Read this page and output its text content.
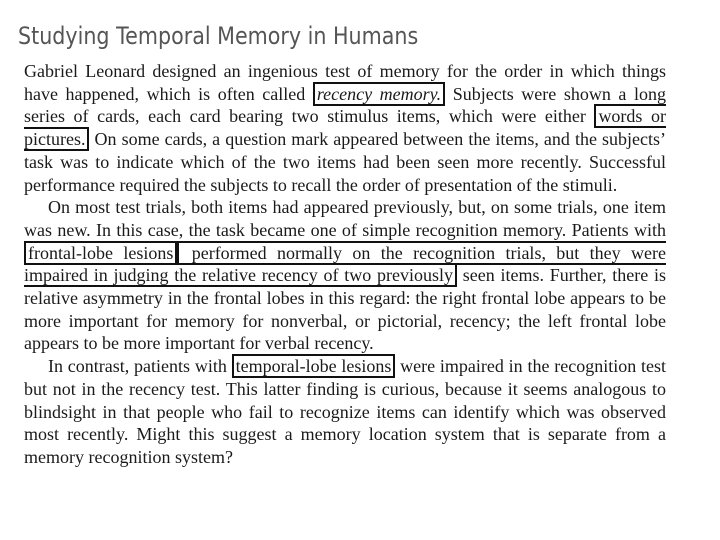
Studying Temporal Memory in Humans

Gabriel Leonard designed an ingenious test of memory for the order in which things have happened, which is often called recency memory. Subjects were shown a long series of cards, each card bearing two stimulus items, which were either words or pictures. On some cards, a question mark appeared between the items, and the subjects’ task was to indicate which of the two items had been seen more recently. Successful performance required the subjects to recall the order of presentation of the stimuli.

On most test trials, both items had appeared previously, but, on some trials, one item was new. In this case, the task became one of simple recognition memory. Patients with frontal-lobe lesions performed normally on the recognition trials, but they were impaired in judging the relative recency of two previously seen items. Further, there is relative asymmetry in the frontal lobes in this regard: the right frontal lobe appears to be more important for memory for nonverbal, or pictorial, recency; the left frontal lobe appears to be more important for verbal recency.

In contrast, patients with temporal-lobe lesions were impaired in the recognition test but not in the recency test. This latter finding is curious, because it seems analogous to blindsight in that people who fail to recognize items can identify which was observed most recently. Might this suggest a memory location system that is separate from a memory recognition system?
